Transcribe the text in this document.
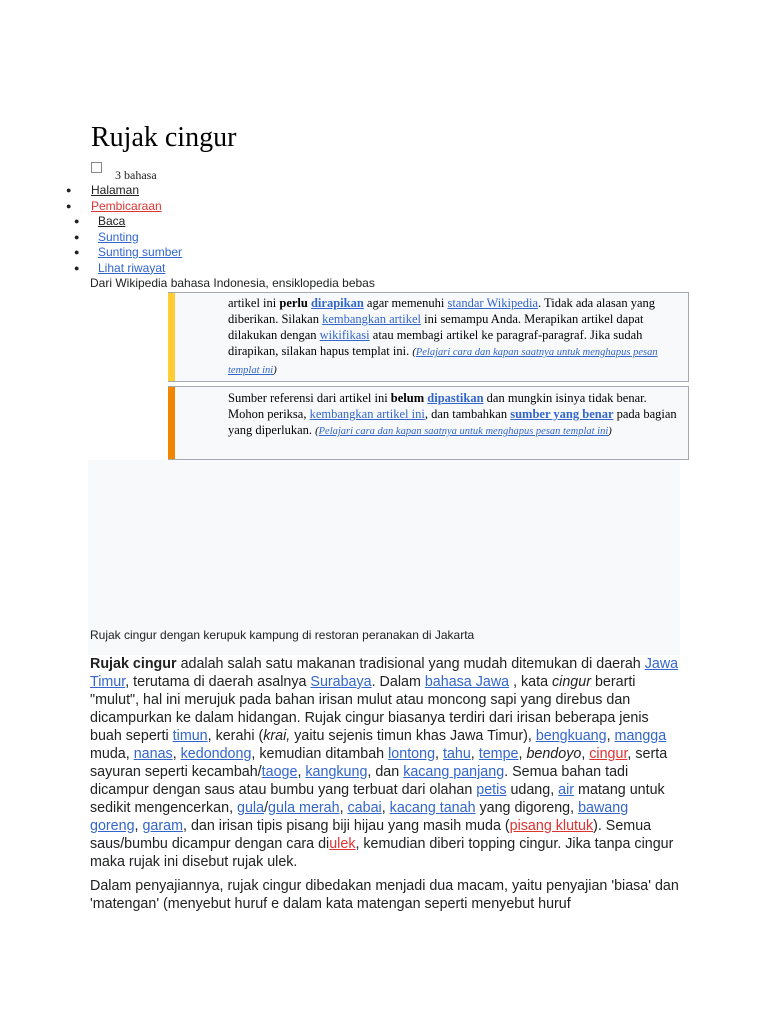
Rujak cingur
3 bahasa
● Halaman
● Pembicaraan
● Baca
● Sunting
● Sunting sumber
● Lihat riwayat
Dari Wikipedia bahasa Indonesia, ensiklopedia bebas
artikel ini perlu dirapikan agar memenuhi standar Wikipedia. Tidak ada alasan yang diberikan. Silakan kembangkan artikel ini semampu Anda. Merapikan artikel dapat dilakukan dengan wikifikasi atau membagi artikel ke paragraf-paragraf. Jika sudah dirapikan, silakan hapus templat ini. (Pelajari cara dan kapan saatnya untuk menghapus pesan templat ini)
Sumber referensi dari artikel ini belum dipastikan dan mungkin isinya tidak benar. Mohon periksa, kembangkan artikel ini, dan tambahkan sumber yang benar pada bagian yang diperlukan. (Pelajari cara dan kapan saatnya untuk menghapus pesan templat ini)
Rujak cingur dengan kerupuk kampung di restoran peranakan di Jakarta

Rujak cingur adalah salah satu makanan tradisional yang mudah ditemukan di daerah Jawa Timur, terutama di daerah asalnya Surabaya. Dalam bahasa Jawa , kata cingur berarti "mulut", hal ini merujuk pada bahan irisan mulut atau moncong sapi yang direbus dan dicampurkan ke dalam hidangan. Rujak cingur biasanya terdiri dari irisan beberapa jenis buah seperti timun, kerahi (krai, yaitu sejenis timun khas Jawa Timur), bengkuang, mangga muda, nanas, kedondong, kemudian ditambah lontong, tahu, tempe, bendoyo, cingur, serta sayuran seperti kecambah/taoge, kangkung, dan kacang panjang. Semua bahan tadi dicampur dengan saus atau bumbu yang terbuat dari olahan petis udang, air matang untuk sedikit mengencerkan, gula/gula merah, cabai, kacang tanah yang digoreng, bawang goreng, garam, dan irisan tipis pisang biji hijau yang masih muda (pisang klutuk). Semua saus/bumbu dicampur dengan cara diulek, kemudian diberi topping cingur. Jika tanpa cingur maka rujak ini disebut rujak ulek.

Dalam penyajiannya, rujak cingur dibedakan menjadi dua macam, yaitu penyajian 'biasa' dan 'matengan' (menyebut huruf e dalam kata matengan seperti menyebut huruf
